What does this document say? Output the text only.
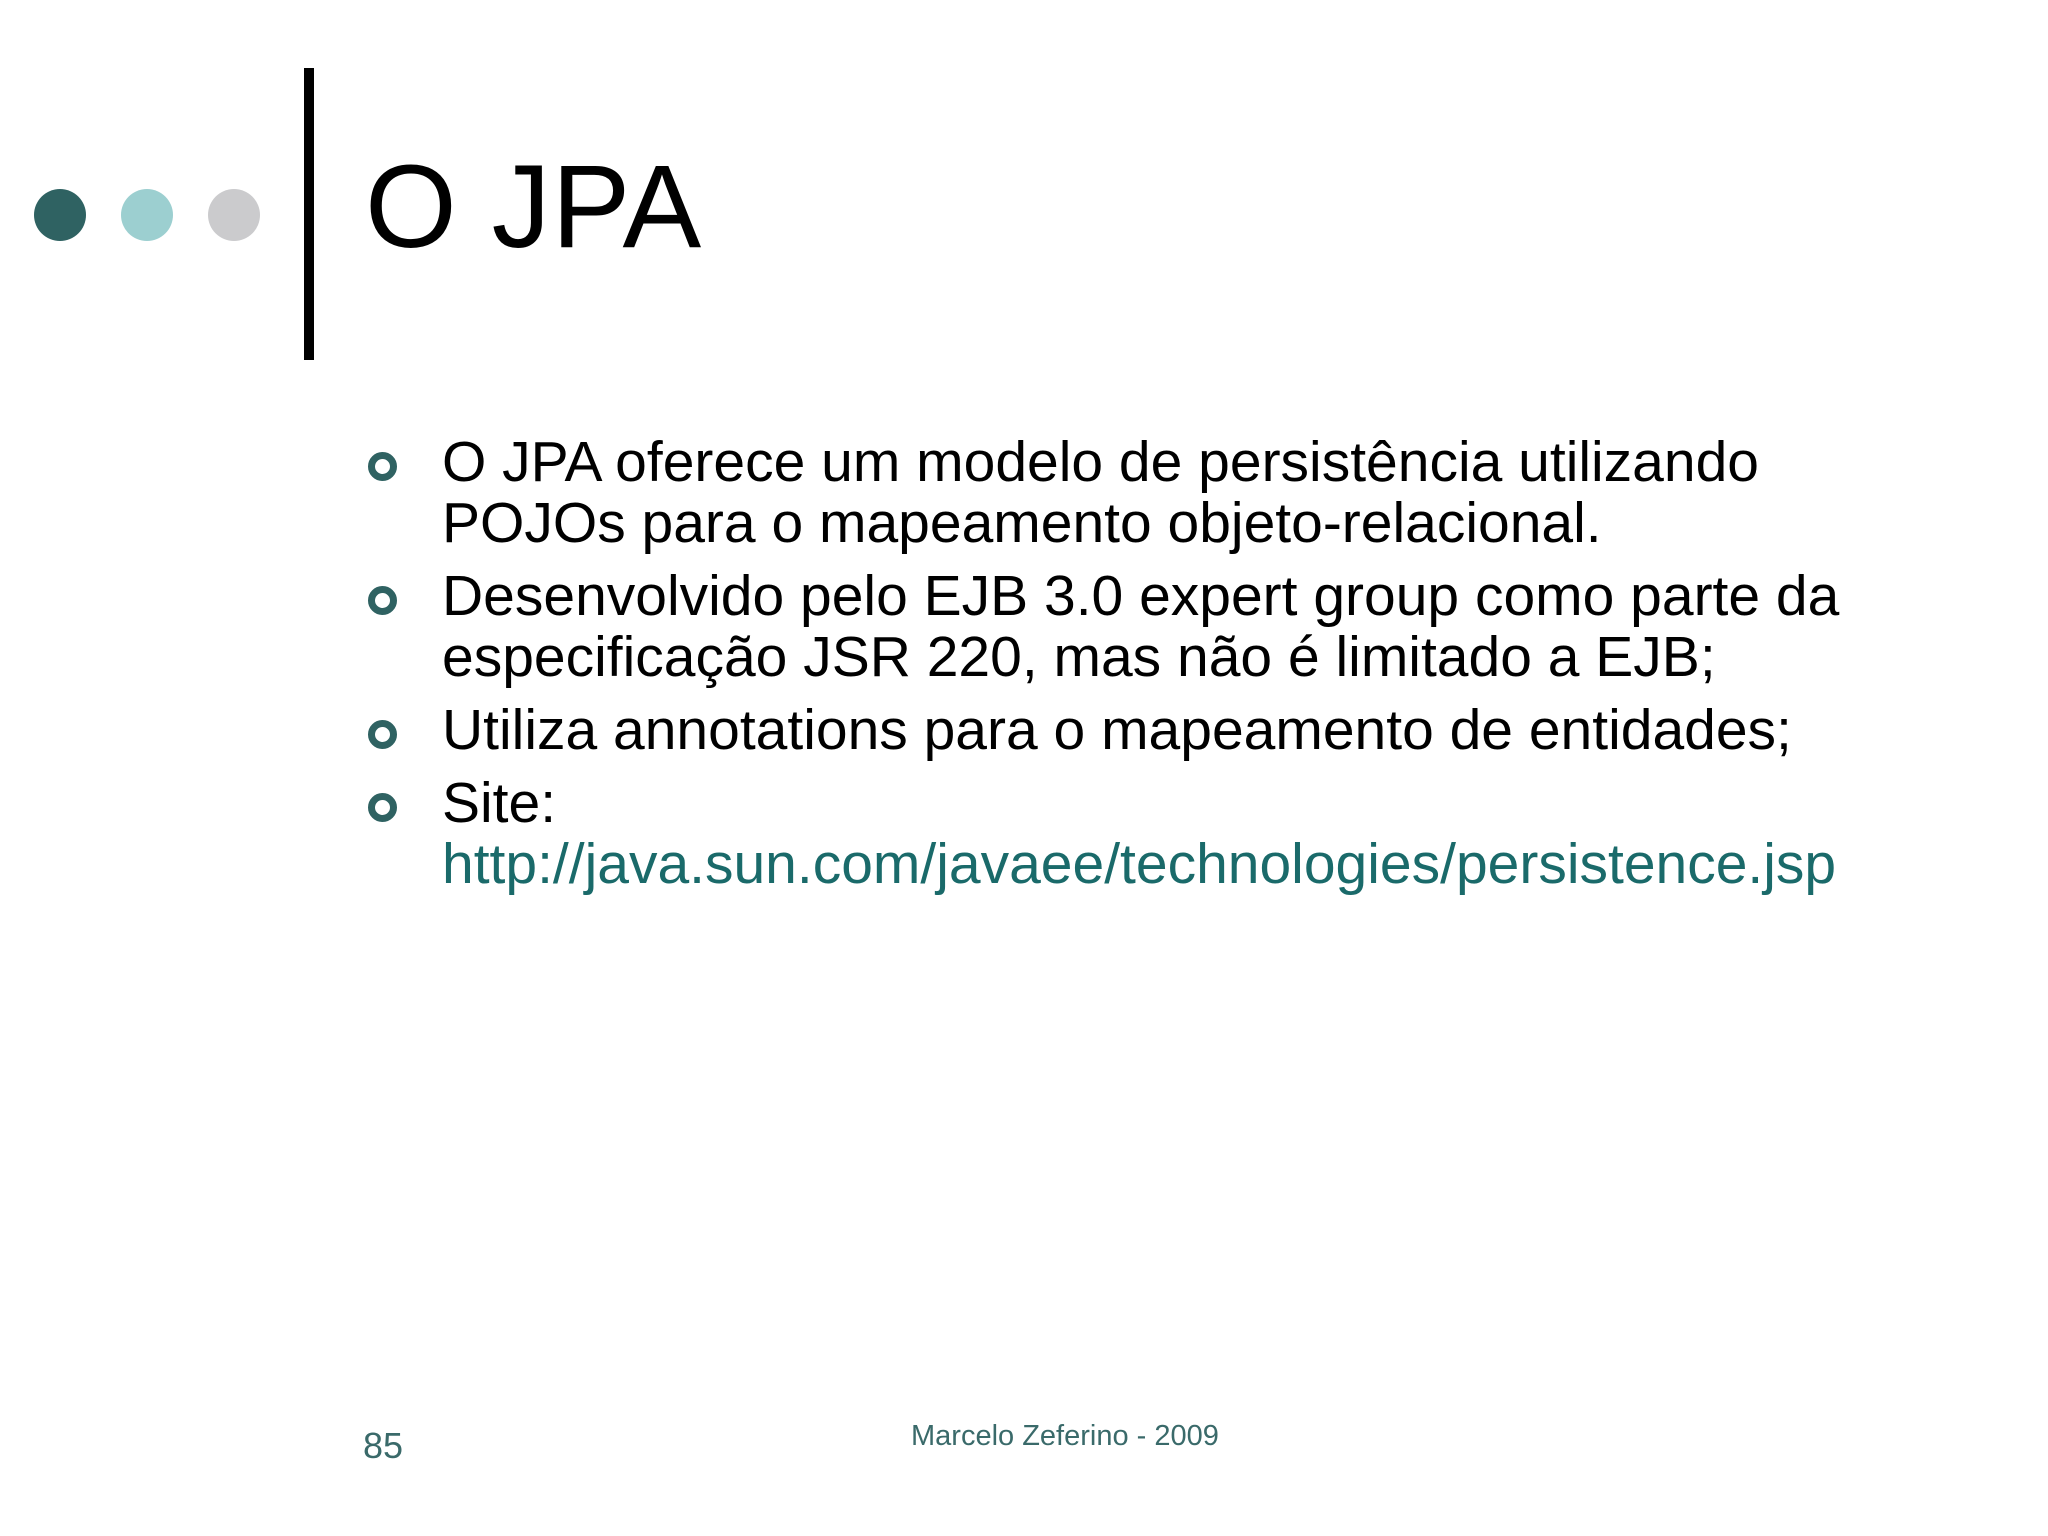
O JPA
O JPA oferece um modelo de persistência utilizando POJOs para o mapeamento objeto-relacional.
Desenvolvido pelo EJB 3.0 expert group como parte da especificação JSR 220, mas não é limitado a EJB;
Utiliza annotations para o mapeamento de entidades;
Site:
http://java.sun.com/javaee/technologies/persistence.jsp
85	Marcelo Zeferino - 2009
